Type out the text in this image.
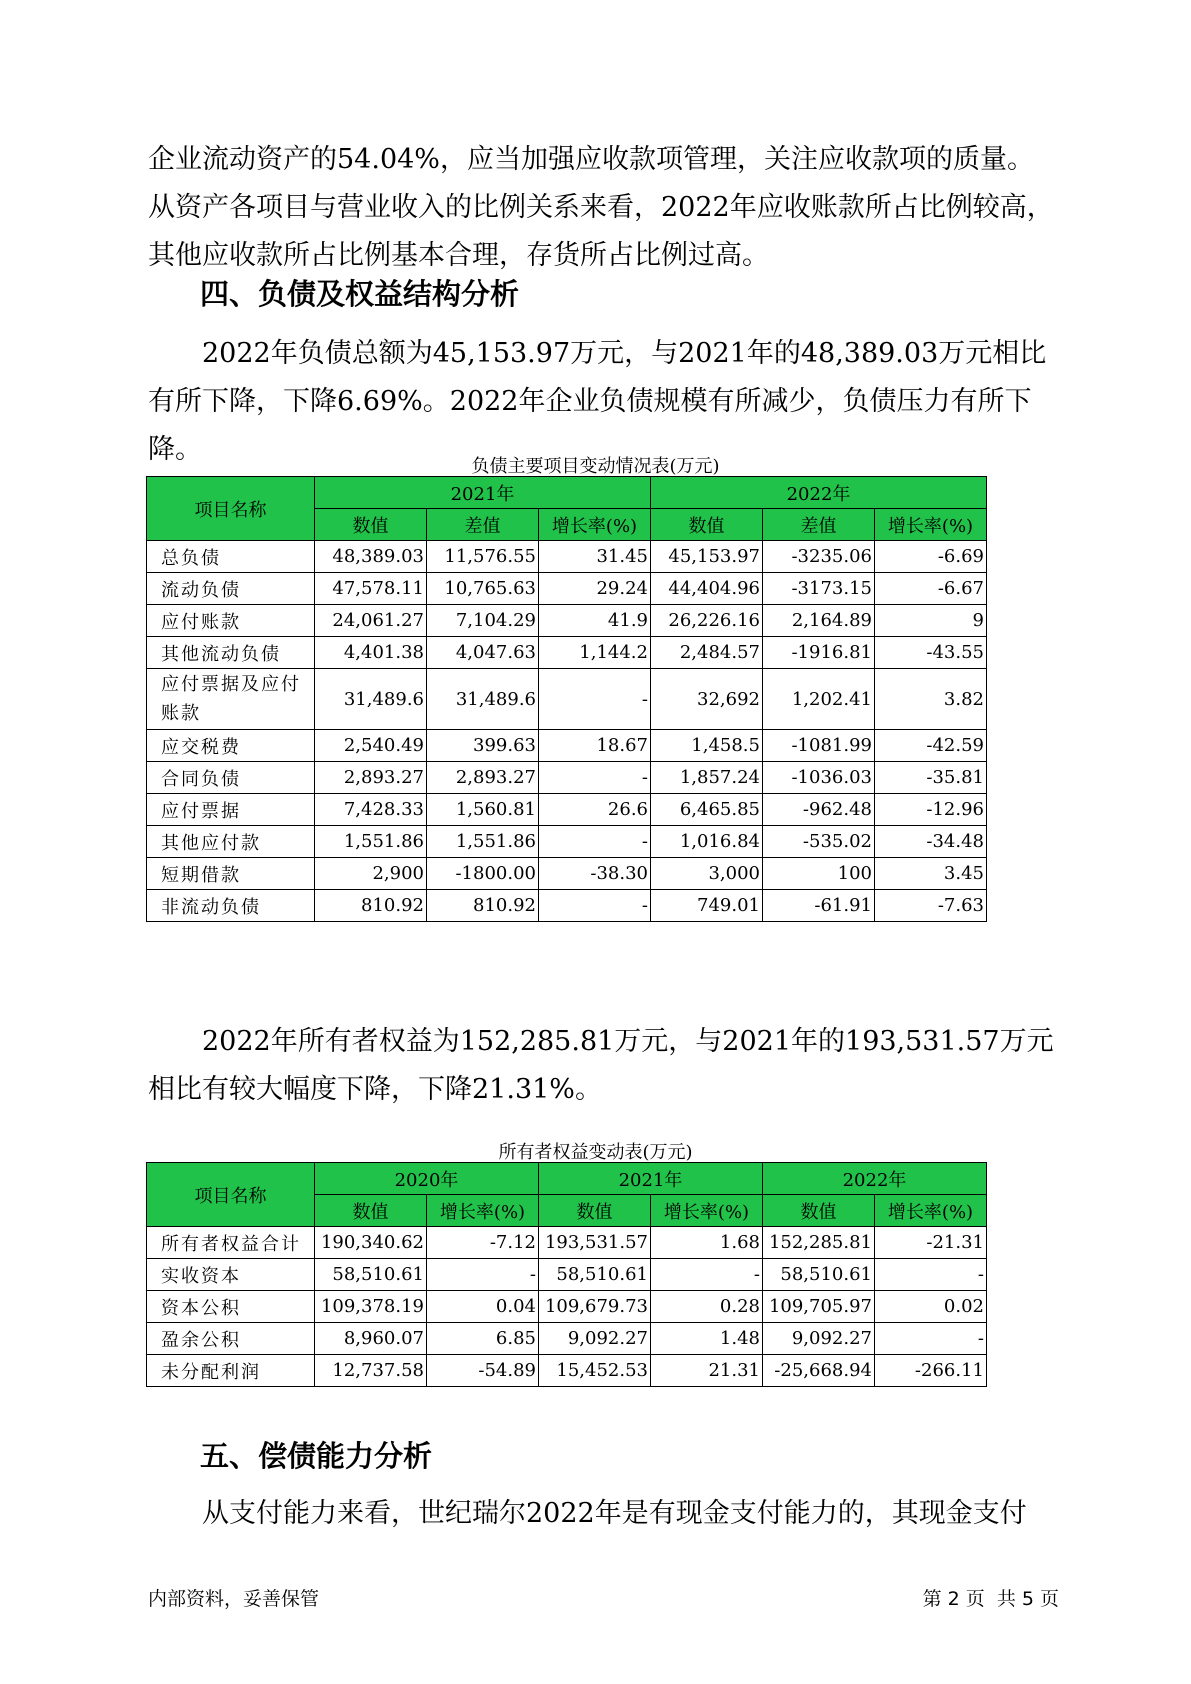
企业流动资产的54.04%，应当加强应收款项管理，关注应收款项的质量。从资产各项目与营业收入的比例关系来看，2022年应收账款所占比例较高，其他应收款所占比例基本合理，存货所占比例过高。

四、负债及权益结构分析

2022年负债总额为45,153.97万元，与2021年的48,389.03万元相比有所下降，下降6.69%。2022年企业负债规模有所减少，负债压力有所下降。

负债主要项目变动情况表(万元)
项目名称	2021年			2022年		
	数值	差值	增长率(%)	数值	差值	增长率(%)
总负债	48,389.03	11,576.55	31.45	45,153.97	-3235.06	-6.69
流动负债	47,578.11	10,765.63	29.24	44,404.96	-3173.15	-6.67
应付账款	24,061.27	7,104.29	41.9	26,226.16	2,164.89	9
其他流动负债	4,401.38	4,047.63	1,144.2	2,484.57	-1916.81	-43.55
应付票据及应付账款	31,489.6	31,489.6	-	32,692	1,202.41	3.82
应交税费	2,540.49	399.63	18.67	1,458.5	-1081.99	-42.59
合同负债	2,893.27	2,893.27	-	1,857.24	-1036.03	-35.81
应付票据	7,428.33	1,560.81	26.6	6,465.85	-962.48	-12.96
其他应付款	1,551.86	1,551.86	-	1,016.84	-535.02	-34.48
短期借款	2,900	-1800.00	-38.30	3,000	100	3.45
非流动负债	810.92	810.92	-	749.01	-61.91	-7.63

2022年所有者权益为152,285.81万元，与2021年的193,531.57万元相比有较大幅度下降，下降21.31%。

所有者权益变动表(万元)
项目名称	2020年		2021年		2022年	
	数值	增长率(%)	数值	增长率(%)	数值	增长率(%)
所有者权益合计	190,340.62	-7.12	193,531.57	1.68	152,285.81	-21.31
实收资本	58,510.61	-	58,510.61	-	58,510.61	-
资本公积	109,378.19	0.04	109,679.73	0.28	109,705.97	0.02
盈余公积	8,960.07	6.85	9,092.27	1.48	9,092.27	-
未分配利润	12,737.58	-54.89	15,452.53	21.31	-25,668.94	-266.11
五、偿债能力分析

从支付能力来看，世纪瑞尔2022年是有现金支付能力的，其现金支付

内部资料，妥善保管	第 2 页  共 5 页
